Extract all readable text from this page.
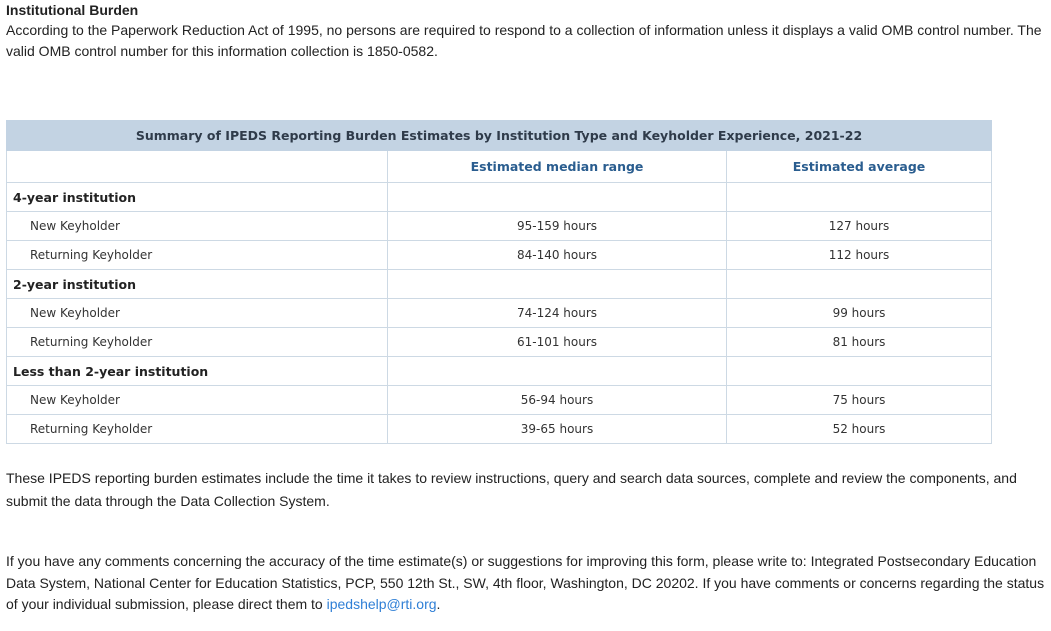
Institutional Burden

According to the Paperwork Reduction Act of 1995, no persons are required to respond to a collection of information unless it displays a valid OMB control number. The valid OMB control number for this information collection is 1850-0582.

Summary of IPEDS Reporting Burden Estimates by Institution Type and Keyholder Experience, 2021-22		
	Estimated median range	Estimated average
4-year institution		
New Keyholder	95-159 hours	127 hours
Returning Keyholder	84-140 hours	112 hours
2-year institution		
New Keyholder	74-124 hours	99 hours
Returning Keyholder	61-101 hours	81 hours
Less than 2-year institution		
New Keyholder	56-94 hours	75 hours
Returning Keyholder	39-65 hours	52 hours

These IPEDS reporting burden estimates include the time it takes to review instructions, query and search data sources, complete and review the components, and submit the data through the Data Collection System.

If you have any comments concerning the accuracy of the time estimate(s) or suggestions for improving this form, please write to: Integrated Postsecondary Education Data System, National Center for Education Statistics, PCP, 550 12th St., SW, 4th floor, Washington, DC 20202. If you have comments or concerns regarding the status of your individual submission, please direct them to ipedshelp@rti.org.
